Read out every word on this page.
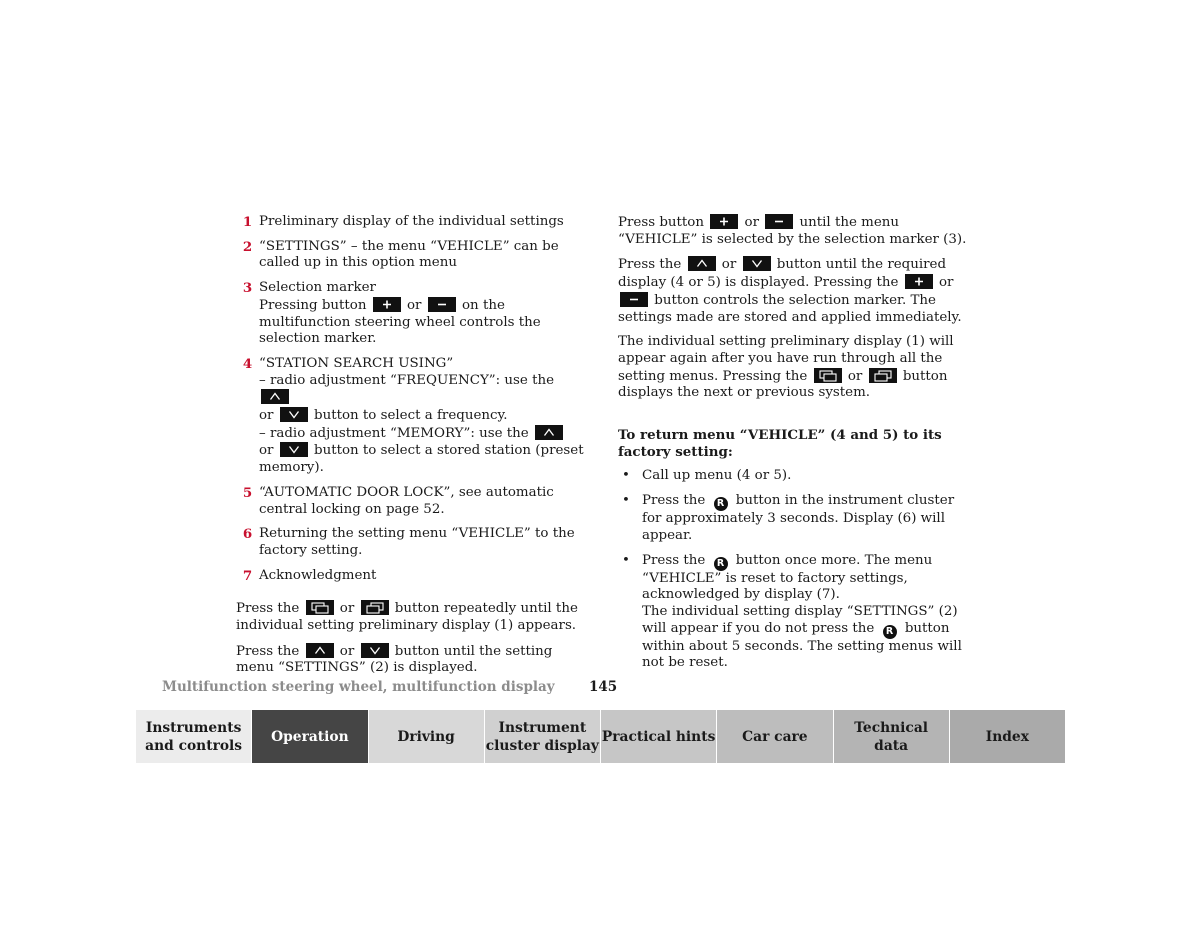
1 Preliminary display of the individual settings
2 “SETTINGS” – the menu “VEHICLE” can be called up in this option menu
3 Selection marker
Pressing button	or	on the multifunction steering wheel controls the selection marker.
4 “STATION SEARCH USING”
– radio adjustment “FREQUENCY”: use the

or	button to select a frequency.
– radio adjustment “MEMORY”: use the

or	button to select a stored station (preset memory).
5 “AUTOMATIC DOOR LOCK”, see automatic central locking on page 52.
6 Returning the setting menu “VEHICLE” to the factory setting.
7 Acknowledgment

Press the	or	button repeatedly until the individual setting preliminary display (1) appears.

Press the	or	button until the setting menu “SETTINGS” (2) is displayed.

Press button	or	until the menu “VEHICLE” is selected by the selection marker (3).

Press the	or	button until the required display (4 or 5) is displayed. Pressing the	or
button controls the selection marker. The settings made are stored and applied immediately.

The individual setting preliminary display (1) will appear again after you have run through all the setting menus. Pressing the	or	button displays the next or previous system.

To return menu “VEHICLE” (4 and 5) to its factory setting:

• Call up menu (4 or 5).
• Press the R button in the instrument cluster for approximately 3 seconds. Display (6) will appear.
• Press the R button once more. The menu “VEHICLE” is reset to factory settings, acknowledged by display (7).
The individual setting display “SETTINGS” (2) will appear if you do not press the R button within about 5 seconds. The setting menus will not be reset.
Multifunction steering wheel, multifunction display	145
Instruments
and controls
Operation	Driving
Instrument
cluster display
Practical hints Car care
Technical
data
Index
